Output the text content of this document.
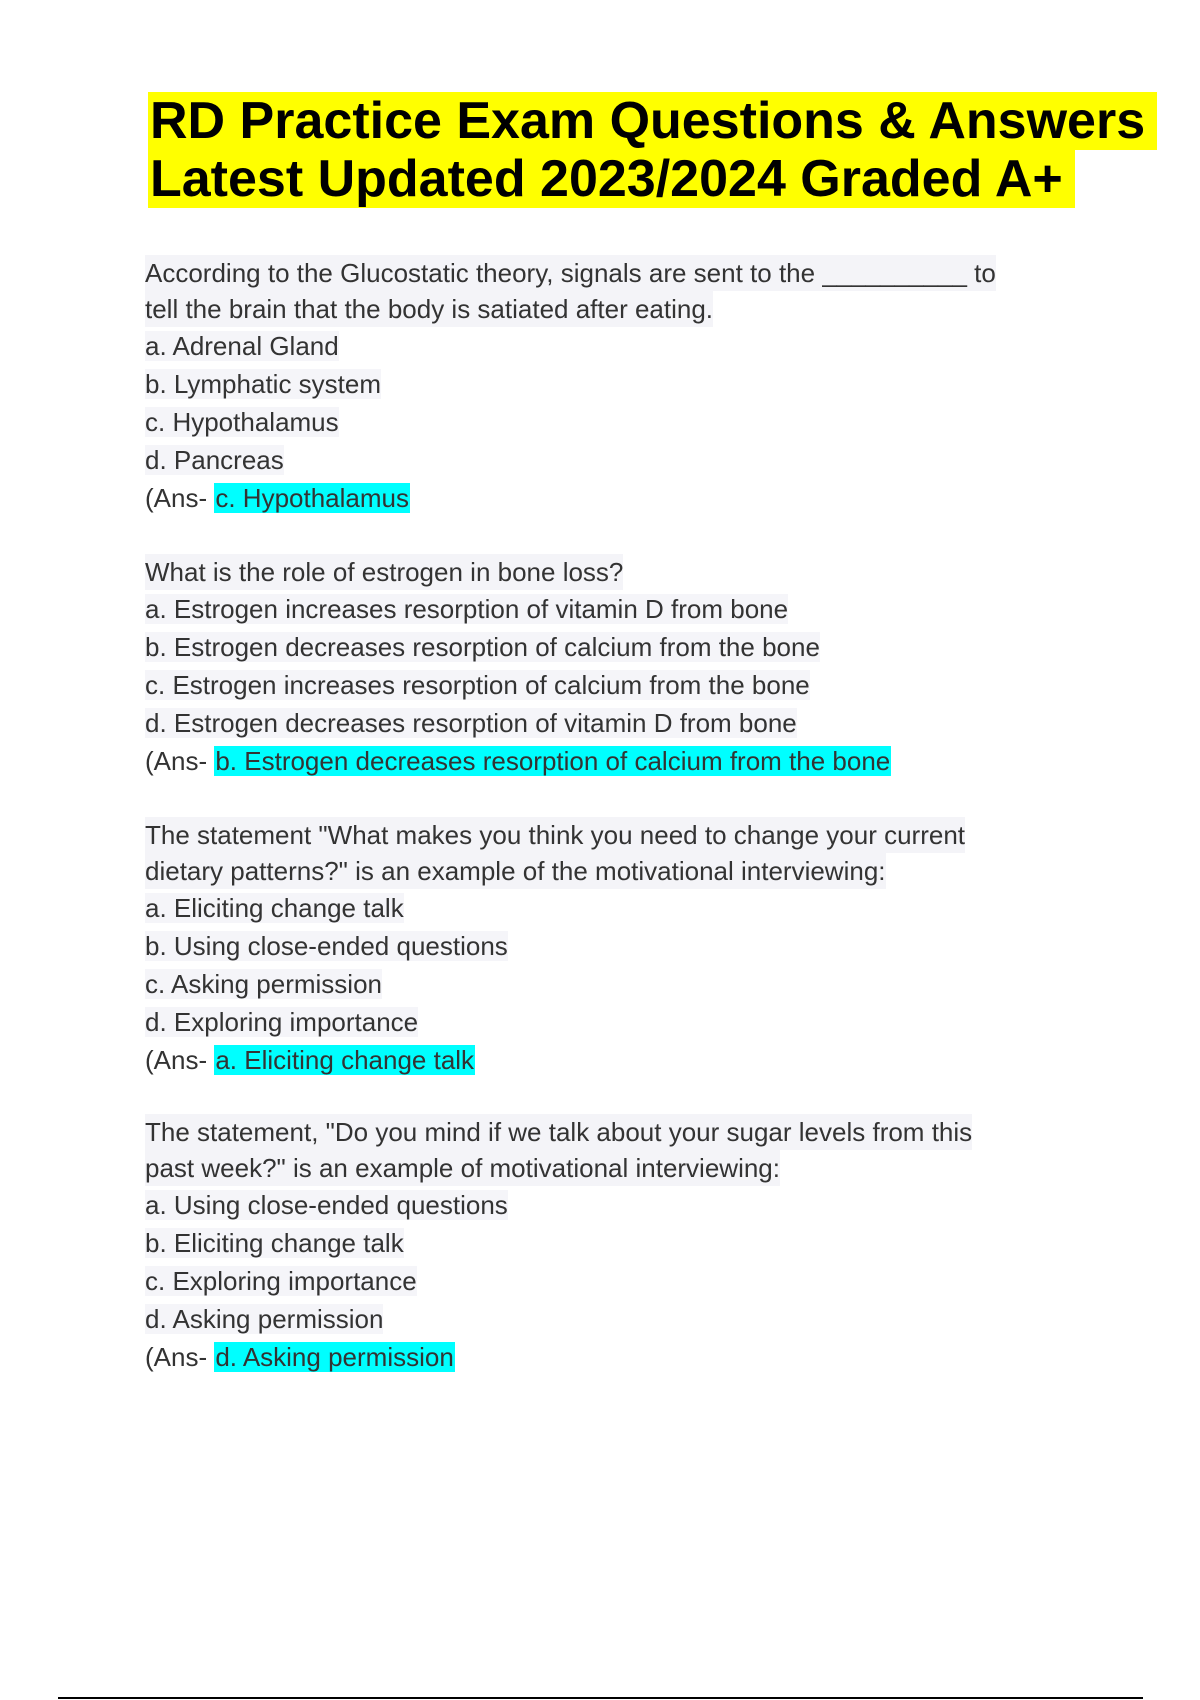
RD Practice Exam Questions & Answers
Latest Updated 2023/2024 Graded A+
According to the Glucostatic theory, signals are sent to the __________ to
tell the brain that the body is satiated after eating.
a. Adrenal Gland
b. Lymphatic system
c. Hypothalamus
d. Pancreas
(Ans- c. Hypothalamus
What is the role of estrogen in bone loss?
a. Estrogen increases resorption of vitamin D from bone
b. Estrogen decreases resorption of calcium from the bone
c. Estrogen increases resorption of calcium from the bone
d. Estrogen decreases resorption of vitamin D from bone
(Ans- b. Estrogen decreases resorption of calcium from the bone
The statement "What makes you think you need to change your current
dietary patterns?" is an example of the motivational interviewing:
a. Eliciting change talk
b. Using close-ended questions
c. Asking permission
d. Exploring importance
(Ans- a. Eliciting change talk
The statement, "Do you mind if we talk about your sugar levels from this
past week?" is an example of motivational interviewing:
a. Using close-ended questions
b. Eliciting change talk
c. Exploring importance
d. Asking permission
(Ans- d. Asking permission
